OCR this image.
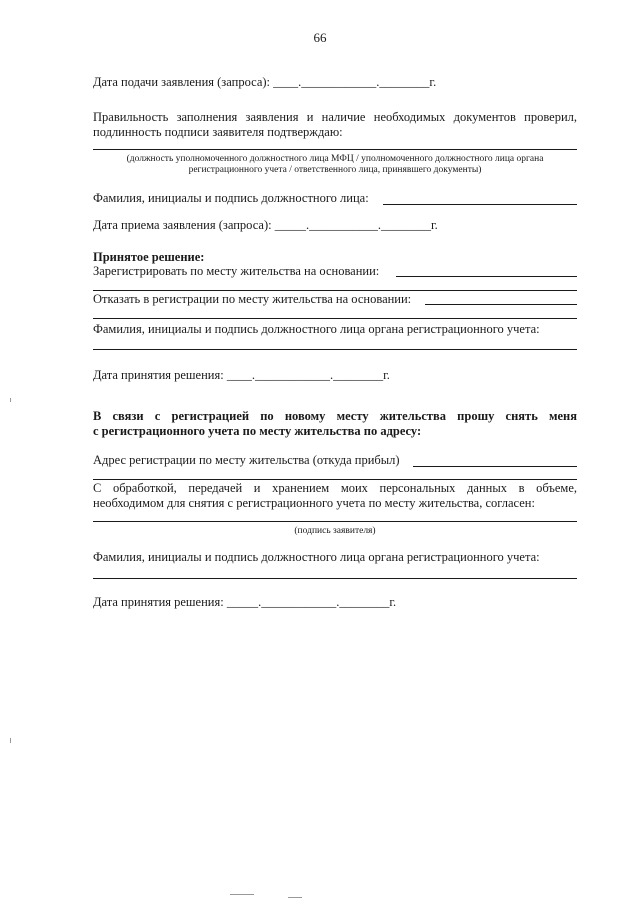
66
Дата подачи заявления (запроса): ____.____________.________г.
Правильность заполнения заявления и наличие необходимых документов проверил,
подлинность подписи заявителя подтверждаю:
(должность уполномоченного должностного лица МФЦ / уполномоченного должностного лица органа
регистрационного учета / ответственного лица, принявшего документы)
Фамилия, инициалы и подпись должностного лица:
Дата приема заявления (запроса): _____.___________.________г.
Принятое решение:
Зарегистрировать по месту жительства на основании:
Отказать в регистрации по месту жительства на основании:
Фамилия, инициалы и подпись должностного лица органа регистрационного учета:
Дата принятия решения: ____.____________.________г.
В связи с регистрацией по новому месту жительства прошу снять меня
с регистрационного учета по месту жительства по адресу:
Адрес регистрации по месту жительства (откуда прибыл)
С обработкой, передачей и хранением моих персональных данных в объеме,
необходимом для снятия с регистрационного учета по месту жительства, согласен:
(подпись заявителя)
Фамилия, инициалы и подпись должностного лица органа регистрационного учета:
Дата принятия решения: _____.____________.________г.
